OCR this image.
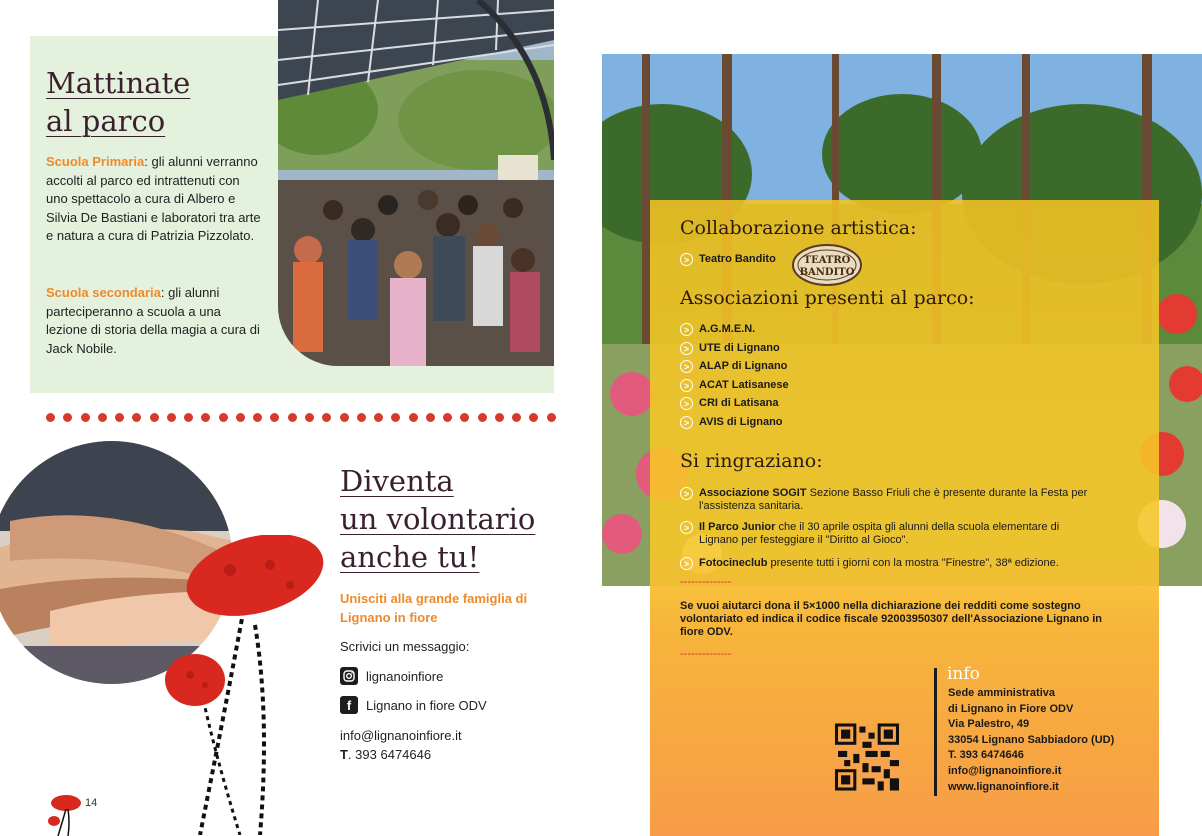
Mattinate
al parco

Scuola Primaria: gli alunni verranno accolti al parco ed intrattenuti con uno spettacolo a cura di Albero e Silvia De Bastiani e laboratori tra arte e natura a cura di Patrizia Pizzolato.

Scuola secondaria: gli alunni parteciperanno a scuola a una lezione di storia della magia a cura di Jack Nobile.

Diventa
un volontario
anche tu!
Unisciti alla grande famiglia di Lignano in fiore
Scrivici un messaggio:
lignanoinfiore
f	Lignano in fiore ODV
info@lignanoinfiore.it
T. 393 6474646
14
Collaborazione artistica:
> Teatro Bandito	TEATRO
BANDITO
Associazioni presenti al parco:
> A.G.M.E.N.
> UTE di Lignano
> ALAP di Lignano
> ACAT Latisanese
> CRI di Latisana
> AVIS di Lignano
Si ringraziano:
> Associazione SOGIT Sezione Basso Friuli che è presente durante la Festa per l'assistenza sanitaria.
> Il Parco Junior che il 30 aprile ospita gli alunni della scuola elementare di Lignano per festeggiare il "Diritto al Gioco".
> Fotocineclub presente tutti i giorni con la mostra "Finestre", 38ª edizione.
--------------
Se vuoi aiutarci dona il 5×1000 nella dichiarazione dei redditi come sostegno volontariato ed indica il codice fiscale 92003950307 dell'Associazione Lignano in fiore ODV.
--------------
info
Sede amministrativa
di Lignano in Fiore ODV
Via Palestro, 49
33054 Lignano Sabbiadoro (UD)
T. 393 6474646
info@lignanoinfiore.it
www.lignanoinfiore.it
